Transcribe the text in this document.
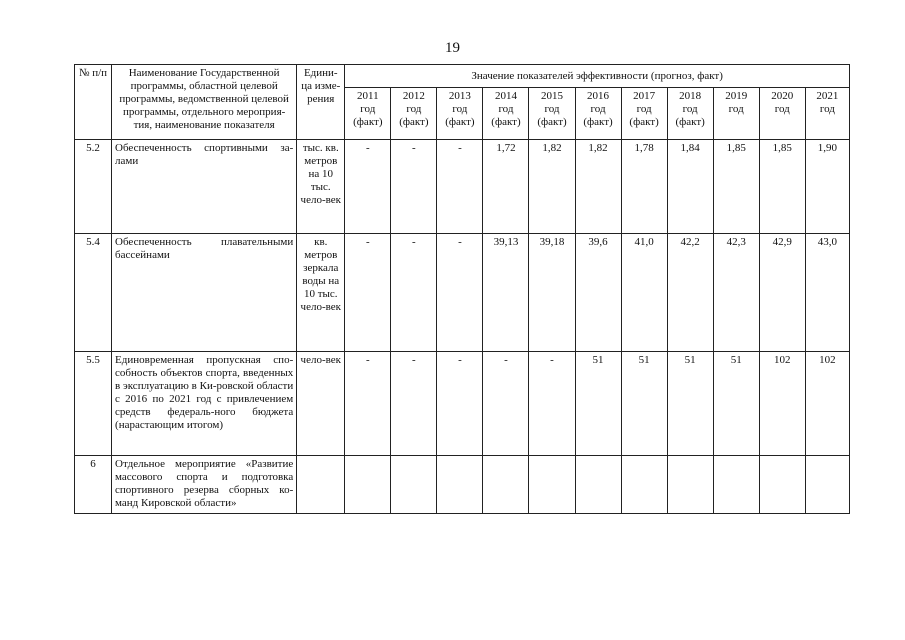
19
№ п/п	Наименование Государственной программы, областной целевой программы, ведомственной целевой программы, отдельного мероприя-тия, наименование показателя	Едини-ца изме-рения	Значение показателей эффективности (прогноз, факт)										

			2011
год
(факт)	2012
год
(факт)	2013
год
(факт)	2014
год
(факт)	2015
год
(факт)	2016
год
(факт)	2017
год
(факт)	2018
год
(факт)	2019
год	2020
год	2021
год

5.2	Обеспеченность спортивными за-лами	тыс. кв. метров на 10 тыс. чело-век	-	-	-	1,72	1,82	1,82	1,78	1,84	1,85	1,85	1,90
5.4	Обеспеченность плавательными бассейнами	кв. метров зеркала воды на 10 тыс. чело-век	-	-	-	39,13	39,18	39,6	41,0	42,2	42,3	42,9	43,0
5.5	Единовременная пропускная спо-собность объектов спорта, введенных в эксплуатацию в Ки-ровской области с 2016 по 2021 год с привлечением средств федераль-ного бюджета (нарастающим итогом)	чело-век	-	-	-	-	-	51	51	51	51	102	102
6	Отдельное мероприятие «Развитие массового спорта и подготовка спортивного резерва сборных ко-манд Кировской области»												
